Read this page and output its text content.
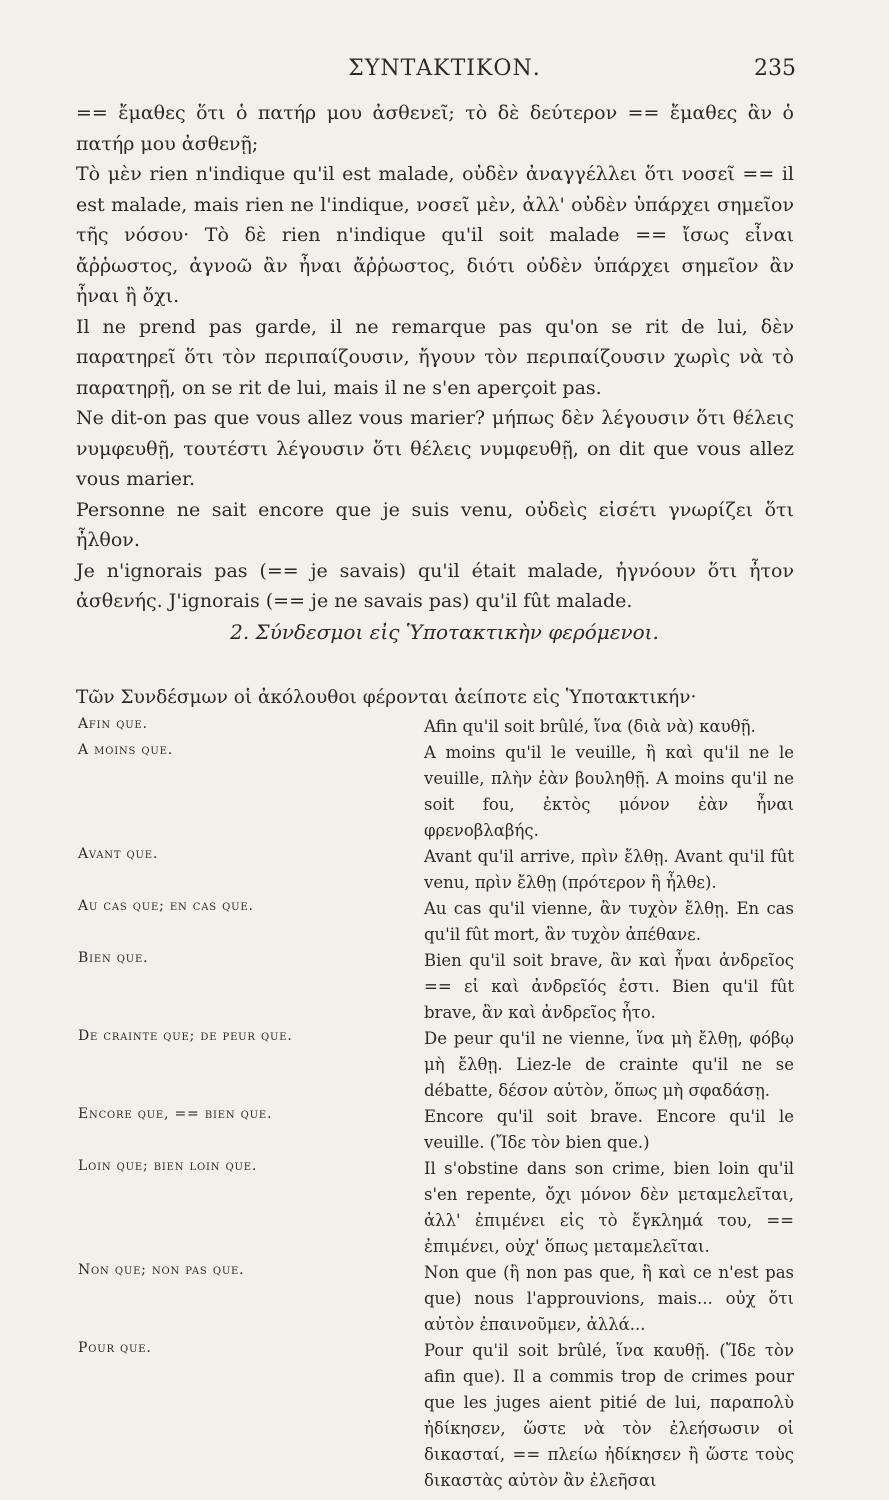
ΣΥΝΤΑΚΤΙΚΟΝ.	235

== ἔμαθες ὅτι ὁ πατήρ μου ἀσθενεῖ; τὸ δὲ δεύτερον == ἔμαθες ἂν ὁ πατήρ μου ἀσθενῇ;

Τὸ μὲν rien n'indique qu'il est malade, οὐδὲν ἀναγγέλλει ὅτι νοσεῖ == il est malade, mais rien ne l'indique, νοσεῖ μὲν, ἀλλ' οὐδὲν ὑπάρχει σημεῖον τῆς νόσου· Τὸ δὲ rien n'indique qu'il soit malade == ἴσως εἶναι ἄῤῥωστος, ἀγνοῶ ἂν ἦναι ἄῤῥωστος, διότι οὐδὲν ὑπάρχει σημεῖον ἂν ἦναι ἢ ὄχι.

Il ne prend pas garde, il ne remarque pas qu'on se rit de lui, δὲν παρατηρεῖ ὅτι τὸν περιπαίζουσιν, ἤγουν τὸν περιπαίζουσιν χωρὶς νὰ τὸ παρατηρῇ, on se rit de lui, mais il ne s'en aperçoit pas.

Ne dit-on pas que vous allez vous marier? μήπως δὲν λέγουσιν ὅτι θέλεις νυμφευθῇ, τουτέστι λέγουσιν ὅτι θέλεις νυμφευθῇ, on dit que vous allez vous marier.

Personne ne sait encore que je suis venu, οὐδεὶς εἰσέτι γνωρίζει ὅτι ἦλθον.

Je n'ignorais pas (== je savais) qu'il était malade, ἠγνόουν ὅτι ἦτον ἀσθενής. J'ignorais (== je ne savais pas) qu'il fût malade.

2. Σύνδεσμοι εἰς Ὑποτακτικὴν φερόμενοι.
Τῶν Συνδέσμων οἱ ἀκόλουθοι φέρονται ἀείποτε εἰς Ὑποτακτικήν·
Afin que.	Afin qu'il soit brûlé, ἵνα (διὰ νὰ) καυθῇ.
A moins que.	A moins qu'il le veuille, ἢ καὶ qu'il ne le veuille, πλὴν ἐὰν βουληθῇ. A moins qu'il ne soit fou, ἐκτὸς μόνον ἐὰν ἦναι φρενοβλαβής.
Avant que.	Avant qu'il arrive, πρὶν ἔλθῃ. Avant qu'il fût venu, πρὶν ἔλθῃ (πρότερον ἢ ἦλθε).
Au cas que; en cas que.	Au cas qu'il vienne, ἂν τυχὸν ἔλθῃ. En cas qu'il fût mort, ἂν τυχὸν ἀπέθανε.
Bien que.	Bien qu'il soit brave, ἂν καὶ ἦναι ἀνδρεῖος == εἰ καὶ ἀνδρεῖός ἐστι. Bien qu'il fût brave, ἂν καὶ ἀνδρεῖος ἦτο.
De crainte que; de peur que.	De peur qu'il ne vienne, ἵνα μὴ ἔλθῃ, φόβῳ μὴ ἔλθῃ. Liez-le de crainte qu'il ne se débatte, δέσον αὐτὸν, ὅπως μὴ σφαδάσῃ.
Encore que, == bien que.	Encore qu'il soit brave. Encore qu'il le veuille. (Ἴδε τὸν bien que.)
Loin que; bien loin que.	Il s'obstine dans son crime, bien loin qu'il s'en repente, ὄχι μόνον δὲν μεταμελεῖται, ἀλλ' ἐπιμένει εἰς τὸ ἔγκλημά του, == ἐπιμένει, οὐχ' ὅπως μεταμελεῖται.
Non que; non pas que.	Non que (ἢ non pas que, ἢ καὶ ce n'est pas que) nous l'approuvions, mais... οὐχ ὅτι αὐτὸν ἐπαινοῦμεν, ἀλλά...
Pour que.	Pour qu'il soit brûlé, ἵνα καυθῇ. (Ἴδε τὸν afin que). Il a commis trop de crimes pour que les juges aient pitié de lui, παραπολὺ ἠδίκησεν, ὥστε νὰ τὸν ἐλεήσωσιν οἱ δικασταί, == πλείω ἠδίκησεν ἢ ὥστε τοὺς δικαστὰς αὐτὸν ἂν ἐλεῆσαι
